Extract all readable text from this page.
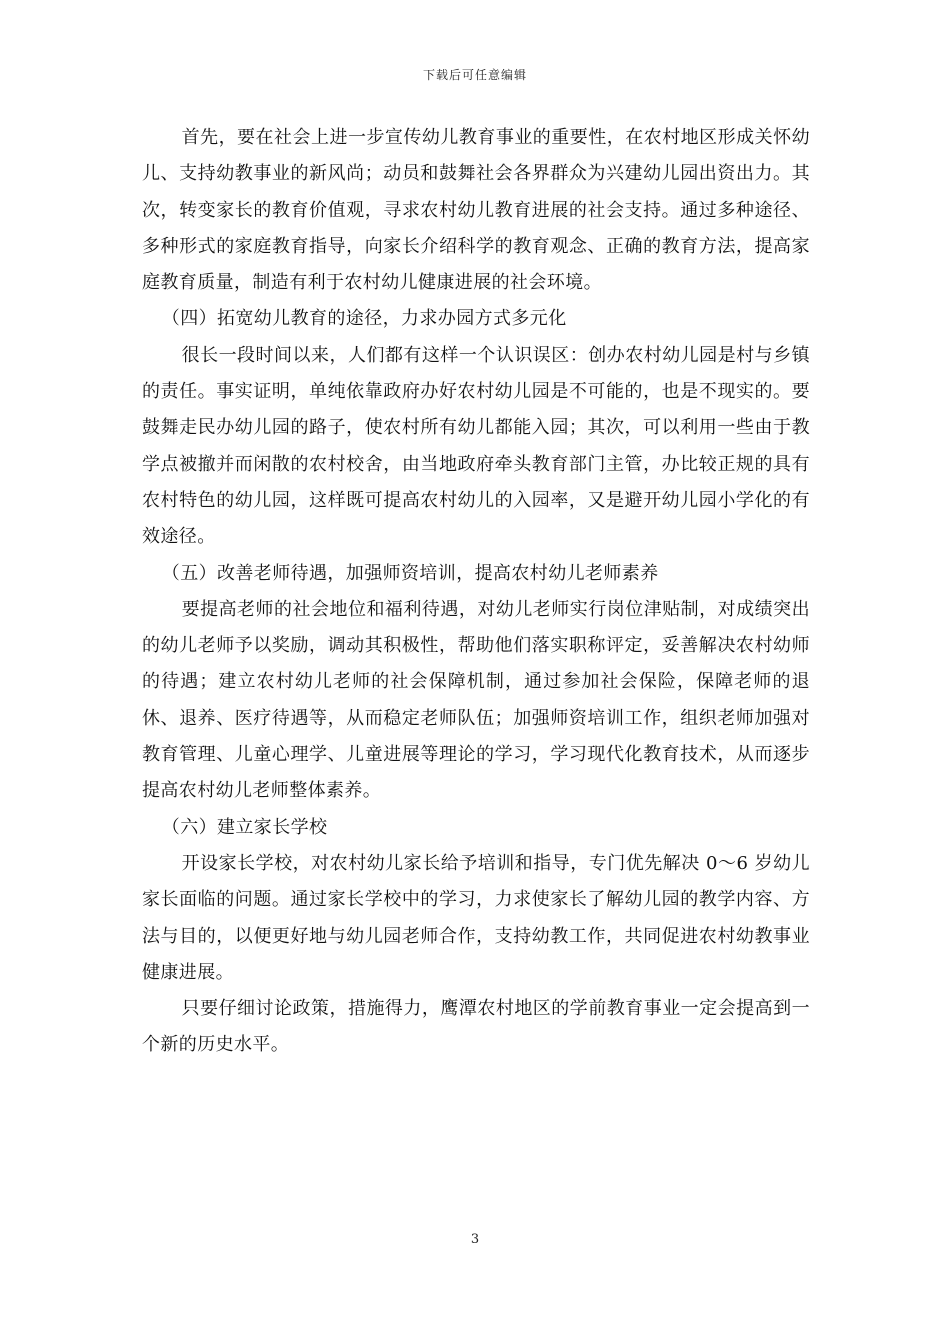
下载后可任意编辑

首先，要在社会上进一步宣传幼儿教育事业的重要性，在农村地区形成关怀幼儿、支持幼教事业的新风尚；动员和鼓舞社会各界群众为兴建幼儿园出资出力。其次，转变家长的教育价值观，寻求农村幼儿教育进展的社会支持。通过多种途径、多种形式的家庭教育指导，向家长介绍科学的教育观念、正确的教育方法，提高家庭教育质量，制造有利于农村幼儿健康进展的社会环境。

（四）拓宽幼儿教育的途径，力求办园方式多元化

很长一段时间以来，人们都有这样一个认识误区：创办农村幼儿园是村与乡镇的责任。事实证明，单纯依靠政府办好农村幼儿园是不可能的，也是不现实的。要鼓舞走民办幼儿园的路子，使农村所有幼儿都能入园；其次，可以利用一些由于教学点被撤并而闲散的农村校舍，由当地政府牵头教育部门主管，办比较正规的具有农村特色的幼儿园，这样既可提高农村幼儿的入园率，又是避开幼儿园小学化的有效途径。

（五）改善老师待遇，加强师资培训，提高农村幼儿老师素养

要提高老师的社会地位和福利待遇，对幼儿老师实行岗位津贴制，对成绩突出的幼儿老师予以奖励，调动其积极性，帮助他们落实职称评定，妥善解决农村幼师的待遇；建立农村幼儿老师的社会保障机制，通过参加社会保险，保障老师的退休、退养、医疗待遇等，从而稳定老师队伍；加强师资培训工作，组织老师加强对教育管理、儿童心理学、儿童进展等理论的学习，学习现代化教育技术，从而逐步提高农村幼儿老师整体素养。

（六）建立家长学校

开设家长学校，对农村幼儿家长给予培训和指导，专门优先解决 0～6 岁幼儿家长面临的问题。通过家长学校中的学习，力求使家长了解幼儿园的教学内容、方法与目的，以便更好地与幼儿园老师合作，支持幼教工作，共同促进农村幼教事业健康进展。

只要仔细讨论政策，措施得力，鹰潭农村地区的学前教育事业一定会提高到一个新的历史水平。

3
